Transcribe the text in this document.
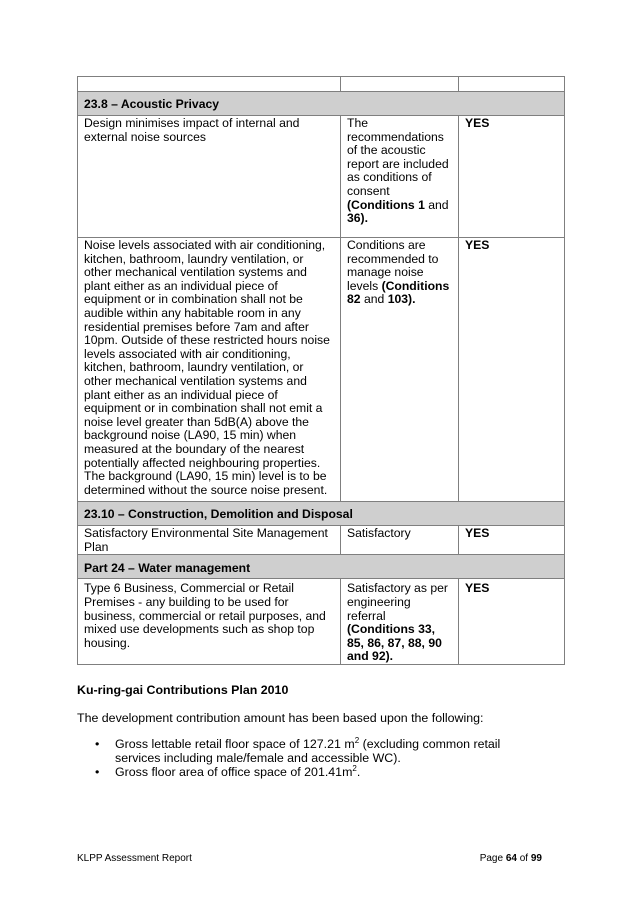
23.8 – Acoustic Privacy		
Design minimises impact of internal and external noise sources	The recommendations of the acoustic report are included as conditions of consent (Conditions 1 and 36).	YES
Noise levels associated with air conditioning, kitchen, bathroom, laundry ventilation, or other mechanical ventilation systems and plant either as an individual piece of equipment or in combination shall not be audible within any habitable room in any residential premises before 7am and after 10pm. Outside of these restricted hours noise levels associated with air conditioning, kitchen, bathroom, laundry ventilation, or other mechanical ventilation systems and plant either as an individual piece of equipment or in combination shall not emit a noise level greater than 5dB(A) above the background noise (LA90, 15 min) when measured at the boundary of the nearest potentially affected neighbouring properties. The background (LA90, 15 min) level is to be determined without the source noise present.	Conditions are recommended to manage noise levels (Conditions 82 and 103).	YES
23.10 – Construction, Demolition and Disposal		
Satisfactory Environmental Site Management Plan	Satisfactory	YES
Part 24 – Water management		
Type 6 Business, Commercial or Retail Premises - any building to be used for business, commercial or retail purposes, and mixed use developments such as shop top housing.	Satisfactory as per engineering referral (Conditions 33, 85, 86, 87, 88, 90 and 92).	YES
Ku-ring-gai Contributions Plan 2010
The development contribution amount has been based upon the following:
• Gross lettable retail floor space of 127.21 $m^2$ (excluding common retail services including male/female and accessible WC).
• Gross floor area of office space of $201.41m^2$.
KLPP Assessment Report	Page 64 of 99
